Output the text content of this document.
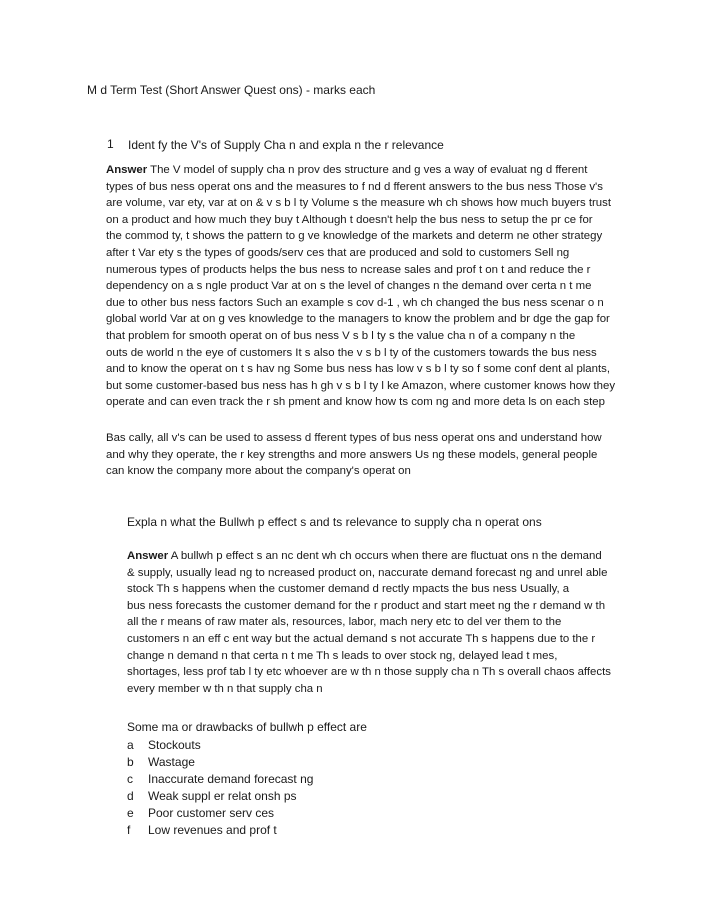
M d Term Test (Short Answer Quest ons) - marks each
1 Ident fy the V's of Supply Cha n and expla n the r relevance
Answer The V model of supply cha n prov des structure and g ves a way of evaluat ng d fferent
types of bus ness operat ons and the measures to f nd d fferent answers to the bus ness Those v's
are volume, var ety, var at on & v s b l ty Volume s the measure wh ch shows how much buyers trust
on a product and how much they buy t Although t doesn't help the bus ness to setup the pr ce for
the commod ty, t shows the pattern to g ve knowledge of the markets and determ ne other strategy
after t Var ety s the types of goods/serv ces that are produced and sold to customers Sell ng
numerous types of products helps the bus ness to ncrease sales and prof t on t and reduce the r
dependency on a s ngle product Var at on s the level of changes n the demand over certa n t me
due to other bus ness factors Such an example s cov d-1 , wh ch changed the bus ness scenar o n
global world Var at on g ves knowledge to the managers to know the problem and br dge the gap for
that problem for smooth operat on of bus ness V s b l ty s the value cha n of a company n the
outs de world n the eye of customers It s also the v s b l ty of the customers towards the bus ness
and to know the operat on t s hav ng Some bus ness has low v s b l ty so f some conf dent al plants,
but some customer-based bus ness has h gh v s b l ty l ke Amazon, where customer knows how they
operate and can even track the r sh pment and know how ts com ng and more deta ls on each step
Bas cally, all v's can be used to assess d fferent types of bus ness operat ons and understand how
and why they operate, the r key strengths and more answers Us ng these models, general people
can know the company more about the company's operat on
Expla n what the Bullwh p effect s and ts relevance to supply cha n operat ons
Answer A bullwh p effect s an nc dent wh ch occurs when there are fluctuat ons n the demand
& supply, usually lead ng to ncreased product on, naccurate demand forecast ng and unrel able
stock Th s happens when the customer demand d rectly mpacts the bus ness Usually, a
bus ness forecasts the customer demand for the r product and start meet ng the r demand w th
all the r means of raw mater als, resources, labor, mach nery etc to del ver them to the
customers n an eff c ent way but the actual demand s not accurate Th s happens due to the r
change n demand n that certa n t me Th s leads to over stock ng, delayed lead t mes,
shortages, less prof tab l ty etc whoever are w th n those supply cha n Th s overall chaos affects
every member w th n that supply cha n
Some ma or drawbacks of bullwh p effect are
a Stockouts
b Wastage
c Inaccurate demand forecast ng
d Weak suppl er relat onsh ps
e Poor customer serv ces
f Low revenues and prof t
